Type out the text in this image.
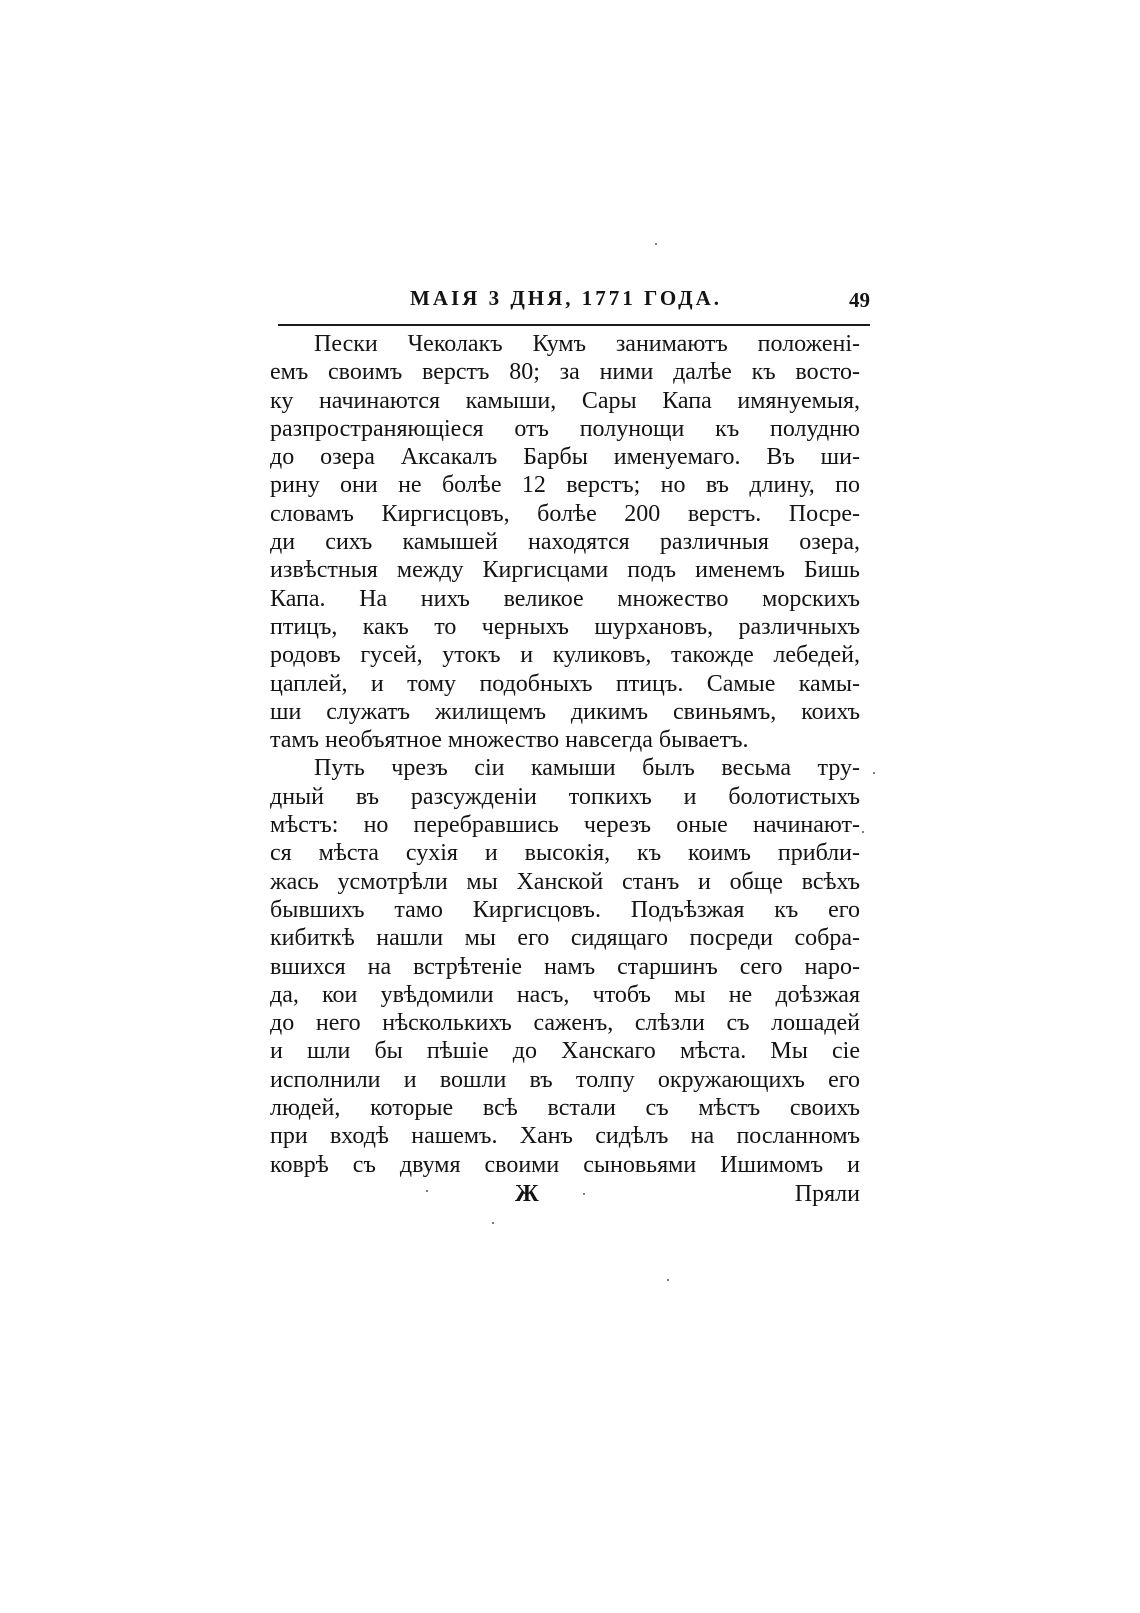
МАІЯ 3 ДНЯ, 1771 ГОДА.	49
Пески Чеколакъ Кумъ занимаютъ положені-
емъ своимъ верстъ 80; за ними далѣе къ восто-
ку начинаются камыши, Сары Капа имянуемыя,
разпространяющіеся отъ полунощи къ полудню
до озера Аксакалъ Барбы именуемаго. Въ ши-
рину они не болѣе 12 верстъ; но въ длину, по
словамъ Киргисцовъ, болѣе 200 верстъ. Посре-
ди сихъ камышей находятся различныя озера,
извѣстныя между Киргисцами подъ именемъ Бишь
Капа. На нихъ великое множество морскихъ
птицъ, какъ то черныхъ шурхановъ, различныхъ
родовъ гусей, утокъ и куликовъ, такожде лебедей,
цаплей, и тому подобныхъ птицъ. Самые камы-
ши служатъ жилищемъ дикимъ свиньямъ, коихъ
тамъ необъятное множество навсегда бываетъ.
Путь чрезъ сіи камыши былъ весьма тру-
дный въ разсужденіи топкихъ и болотистыхъ
мѣстъ: но перебравшись черезъ оные начинают-
ся мѣста сухія и высокія, къ коимъ прибли-
жась усмотрѣли мы Ханской станъ и обще всѣхъ
бывшихъ тамо Киргисцовъ. Подъѣзжая къ его
кибиткѣ нашли мы его сидящаго посреди собра-
вшихся на встрѣтеніе намъ старшинъ сего наро-
да, кои увѣдомили насъ, чтобъ мы не доѣзжая
до него нѣсколькихъ саженъ, слѣзли съ лошадей
и шли бы пѣшіе до Ханскаго мѣста. Мы сіе
исполнили и вошли въ толпу окружающихъ его
людей, которые всѣ встали съ мѣстъ своихъ
при входѣ нашемъ. Ханъ сидѣлъ на посланномъ
коврѣ съ двумя своими сыновьями Ишимомъ и
Ж	Пряли
